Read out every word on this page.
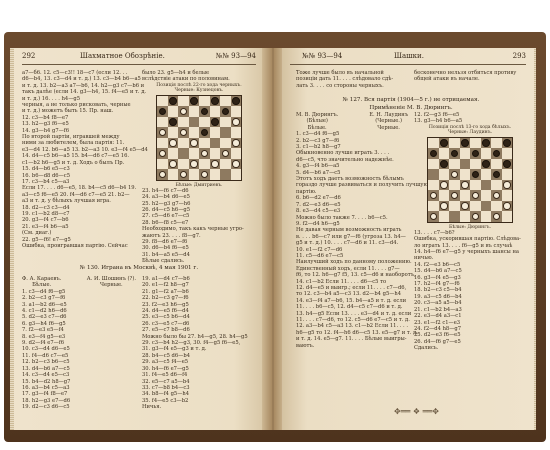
292	Шахматное Обозрѣнiе.	№№ 93—94

а7—б6. 12. с5—c3!! 18—с7 (если 12. . .

d6—b4, 13. c3—d4 и т. д.) 13. c3—b4 b6—a5

и т. д. 13. b2—a3 а7—b6, 14. h2—g3 с7—b6 и

такъ далѣе (если 14. g3—h4, 15. f4—e5 и т. д.

и т. д.) 16. . . . h4—g5

черныя, а не только рисковать, черные

и т. д.) можетъ быть 15. Пр. наш.

12. с3—b4 f8—e7

13. h2—g3 f6—e5

14. g3—h4 g7—f6

По второй партiи, игравшей между

ними за любителем, была партiя: 11.

е3—d4 12. b6—a5 13. b2—a3 10. e3—f4 e5—d4

14. d4—c5 b6—a5 15. b4—d6 с7—e5 16.

c1—b2 h6—g5 и т. д. Ходъ о былъ Пр.

15. d4—b6 e5—c3

16. b6—d8 d6—c5

17. c3—b4 c5—a3

Если 17. . . . d6—e5, 18. b4—c5 d6—b4 19.

a3—c5 f6—e5 20. f4—d6 с7—e5 21. b2—

а3 и т. д. у бѣлыхъ лучшая игра.

18. d2—c3 c3—d4

19. c1—b2 d8—c7

20. g3—f4 c7—b6

21. e3—f4 b6—a5

(См. диаг.)

22. g5—f6! e7—g5

Ошибка, проигравшая партiю. Сейчас

было 23. g5—h4 и белые

вслѣдствiе атаки по половинам.

Позицiя послѣ 22-го хода черныхъ.
Черные: Кузнецовъ.
Бѣлые: Дмитриевъ.

23. h4—f6 c7—d6

24. a3—b4 d6—e5

25. h2—g3 g7—h6

26. d4—c5 h6—g5

27. c5—d6 e7—c5

28. b6—f8 c5—e7

Необходимо, такъ какъ черные угро-

жаютъ 23. . . . f8—g7.

29. f8—d6 e7—f6

30. d6—b4 f6—e5

31. b4—a5 e5—d4

Бѣлые сдались.

№ 130. Играна въ Москвѣ, 4 мая 1901 г.

Ф. А. Караевъ.

Бѣлые.

А. И. Шошинъ (?).

Черные.

1. c3—d4 f6—g5

2. b2—c3 g7—f6

3. a1—b2 d6—e5

4. c1—d2 h6—d6

5. d2—e3 c7—d6

6. g3—h4 f6—g5

7. f2—e3 e5—f4

8. e3—f4 g5—e3

9. d2—f4 e7—f6

10. c3—d4 d6—e5

11. f4—d6 c7—e5

12. b2—c3 b6—c5

13. d4—b6 a7—c5

14. c3—d4 e5—c3

15. b4—d2 h8—g7

16. a3—b4 c5—a3

17. g3—f4 f8—e7

18. h2—g3 e7—d6

19. d2—c3 d6—c5

19. a1—d4 c7—b6

20. e1—f2 h8—g7

21. g1—f2 a7—b6

22. b2—c3 g7—f6

23. f2—e3 h6—g5

24. d4—e5 f6—d4

25. e3—c5 b6—d4

26. c3—e5 c7—d6

27. e5—c7 b8—d6

Можно было бы 27. h4—g5, 28. h4—g5

29. c3—b4 h2—g3, 30. f4—g5 f6—e5,

31. g3—f4 e5—g3 и т. д.

28. b4—c5 d6—b4

29. a3—c5 f4—e5

30. h4—f6 e7—g5

31. f4—e5 d6—f4

32. e5—c7 a5—b4

33. c7—b8 b4—c3

34. b8—f4 g5—h4

35. f4—e5 c3—b2

Ничья.

№№ 93—94	Шашки.	293

Тоже лучше было въ начальной

позицiи дать 11. . . . слѣдовало сдѣ-

лать 3. . . . со стороны черныхъ.

бесконечно нельзя отбиться противу

общей атаки въ начале.

№ 127. Вся партiя (1904—5 г.) не отрицаемая.
Примѣненiе М. В. Дюрингъ.

М. В. Дюрингъ.

(Бѣлые)

Бѣлые.

Е. Н. Лаудинъ

(Черные.)

Черные.

1. c3—d4 f6—g5

2. b2—c3 g7—f6

3. c1—b2 h8—g7

Обыкновенно лучше играть 3. . . .

d6—c5, что значительно надежнѣе.

4. g3—f4 b6—a5

5. d4—b6 a7—c5

Этотъ ходъ даетъ возможность бѣлымъ

гораздо лучше развиваться и получить лучшую

партiю.

6. b6—d2 e7—d6

7. d2—e3 d6—e5

8. e3—d4 c5—e3

Можно было также 7. . . . b6—c5.

9. f2—d4 h6—g5

Не давая черным возможность играть

в. . . . b6—c7 или g7—f6 (угроза 13. h4—

g5 и т. д.) 10. . . . c7—d6 и 11. c3—d4.

10. e1—f2 c7—d6

11. c5—d6 e7—c5

Наилучший ходъ по данному положению.

Единственный ходъ, если 11. . . . g7—

f6, то 12. h6—g7 f5, 13. c5—d6 и наоборотъ,

14. c1—b2 Если 11. . . . d6—c5 то

12. d4—e5 и выигр.; если 11. . . . c7—d6,

то 12. c3—b4 a5—c3 13. d2—b4 g5—h4

14. e3—f4 a7—b6, 15. b4—a5 и т. д. если

11. . . . b6—c5, 12. d4—c5 c7—d6 и т. д.

13. h4—g5 Если 13. . . . e3—d4 и т. д. если

11. . . . c7—d6, то 12. c5—d6 e7—c5 и т. д.

12. a3—b4 c5—a3 13. c1—b2 Если 11. . . .

h6—g5 то 12. f4—h6 d6—c5 13. e5—g7 и т. д.

и т. д. 14. e5—g7. 11. . . . Бѣлые выигры-

ваютъ.

12. f2—g3 f6—e5

13. g3—h4 b6—a5

Позицiя послѣ 13-го хода бѣлыхъ.
Черные: Лаудинъ.
Бѣлые: Дюрингъ.

13. . . . c7—b6?

Ошибка, ускорившая партiю. Слѣдова-

ло играть 13. . . . f6—g5 и въ случаѣ

14. h4—f6 e7—g5 у черныхъ шансы на

ничью.

14. f2—e3 b6—c5

15. d4—b6 a7—c5

16. g3—f4 e5—g3

17. h2—f4 g7—f6

18. b2—c3 c5—b4

19. a3—c5 d6—b4

20. c3—a5 a5—b4

21. c1—b2 b4—a3

22. e3—d4 a3—c1

23. e1—f2 c1—e3

24. f2—d4 h8—g7

25. d2—e3 f6—e5

26. d4—f6 g7—e5

Сдались.

✥══ ❖ ══✥
